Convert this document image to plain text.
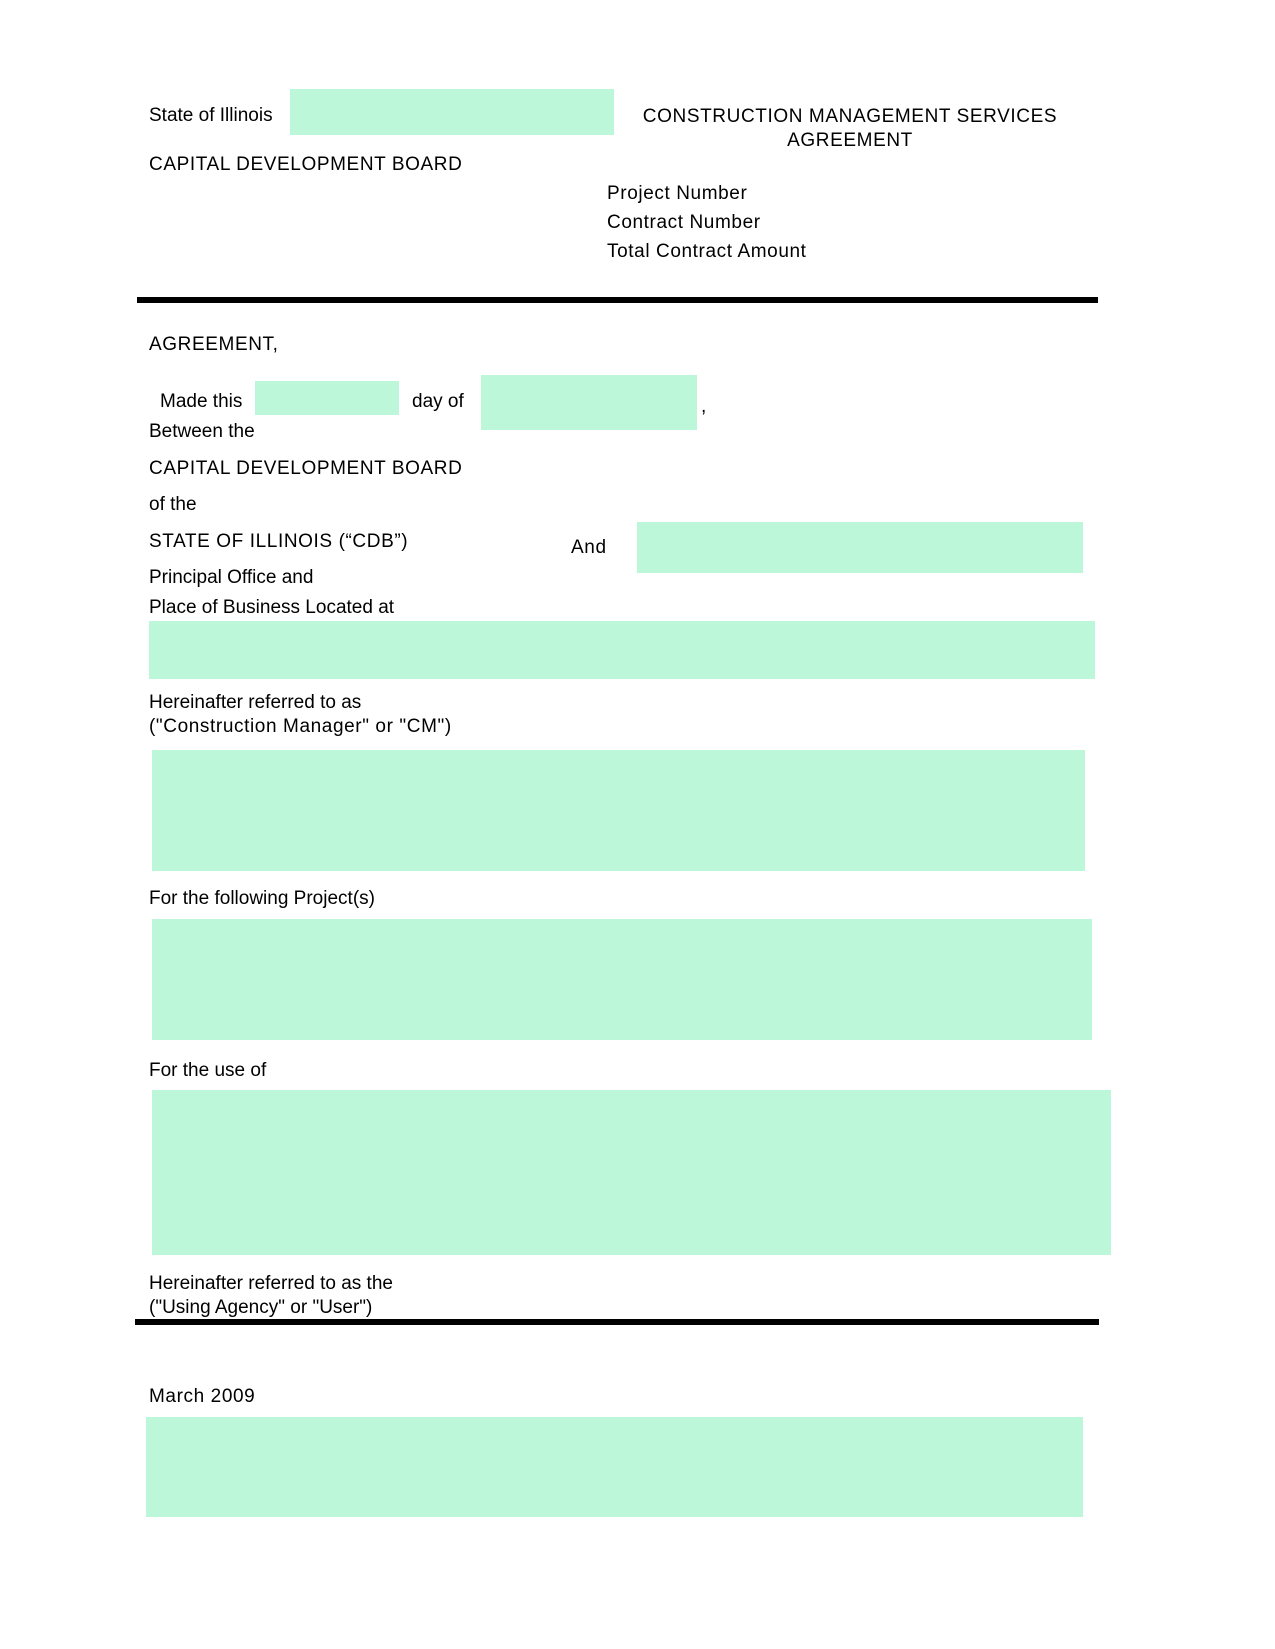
State of Illinois	CONSTRUCTION MANAGEMENT SERVICES
AGREEMENT
CAPITAL DEVELOPMENT BOARD
Project Number
Contract Number
Total Contract Amount
AGREEMENT,
Made this	day of	,
Between the
CAPITAL DEVELOPMENT BOARD
of the
STATE OF ILLINOIS (“CDB”)	And
Principal Office and
Place of Business Located at
Hereinafter referred to as
("Construction Manager" or "CM")
For the following Project(s)
For the use of
Hereinafter referred to as the
("Using Agency" or "User")
March 2009
